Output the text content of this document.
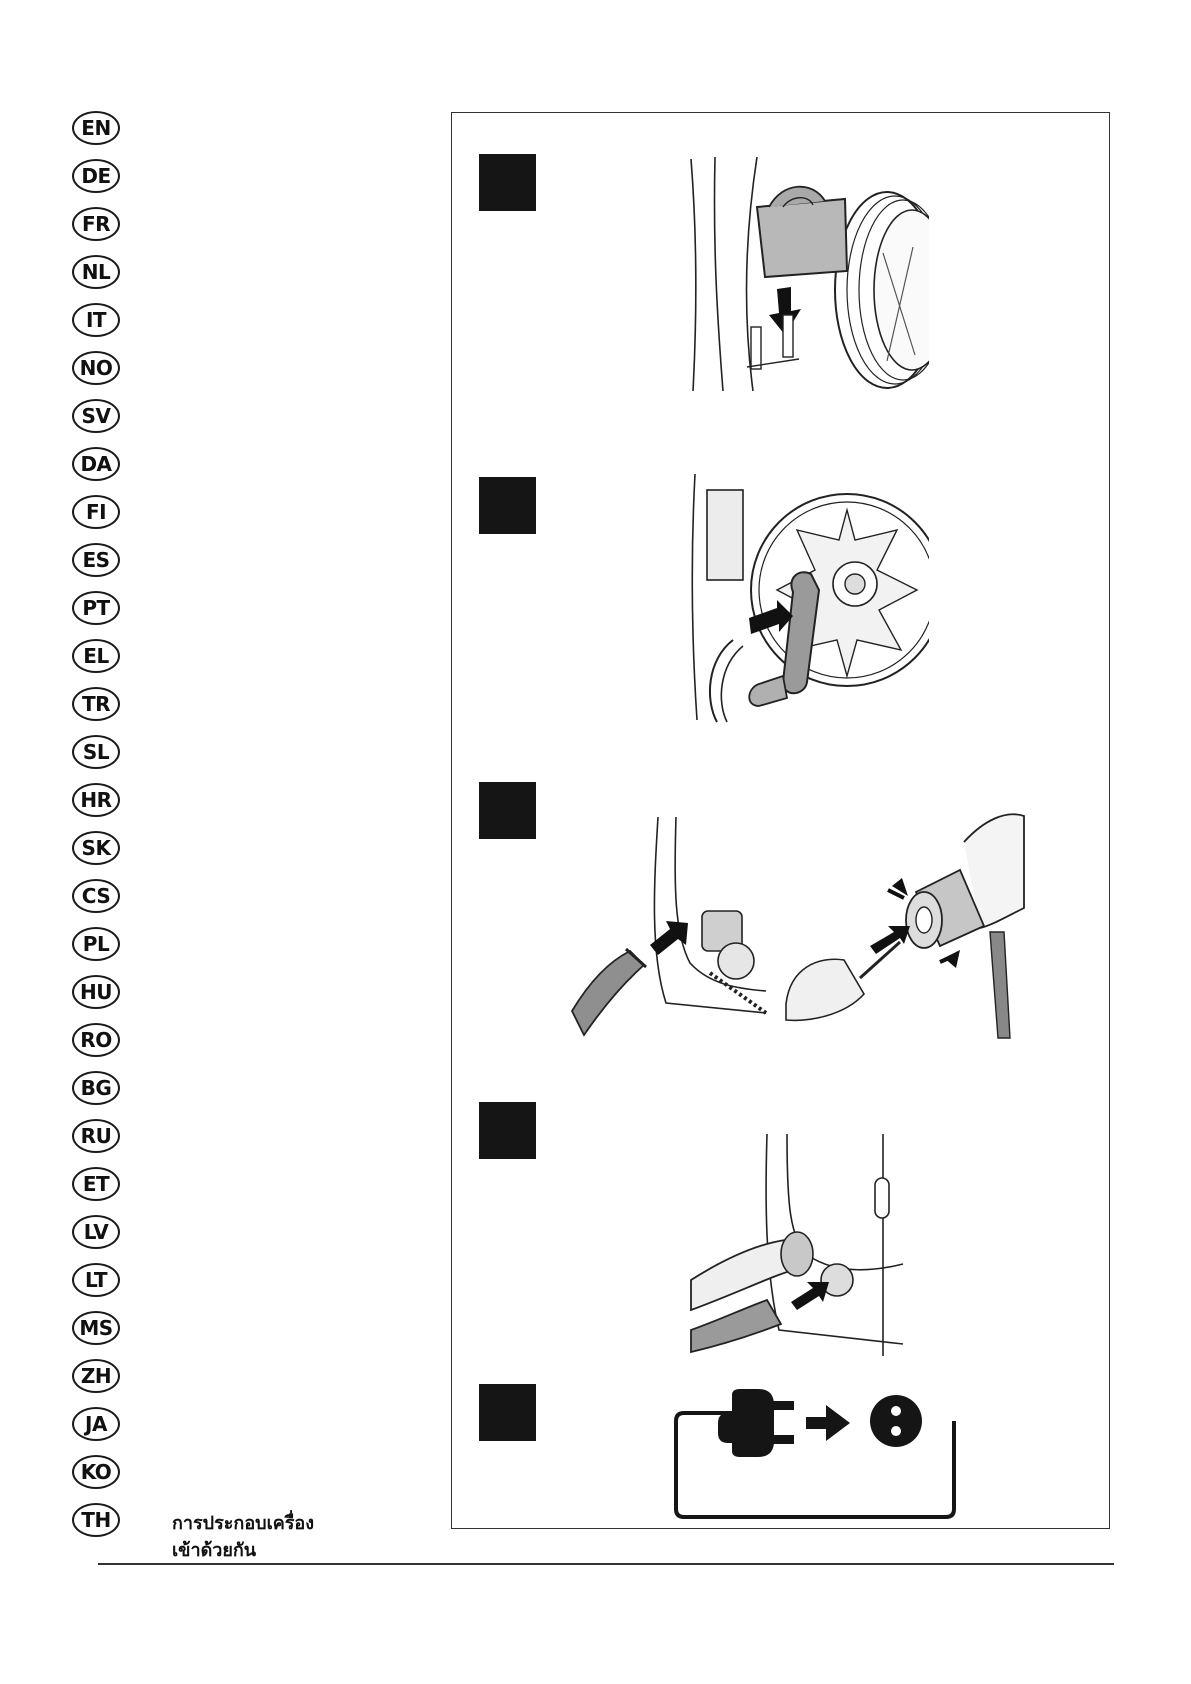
EN
DE
FR
NL
IT
NO
SV
DA
FI
ES
PT
EL
TR
SL
HR
SK
CS
PL
HU
RO
BG
RU
ET
LV
LT
MS
ZH
JA
KO
TH	การประกอบเครื่อง
เข้าด้วยกัน
